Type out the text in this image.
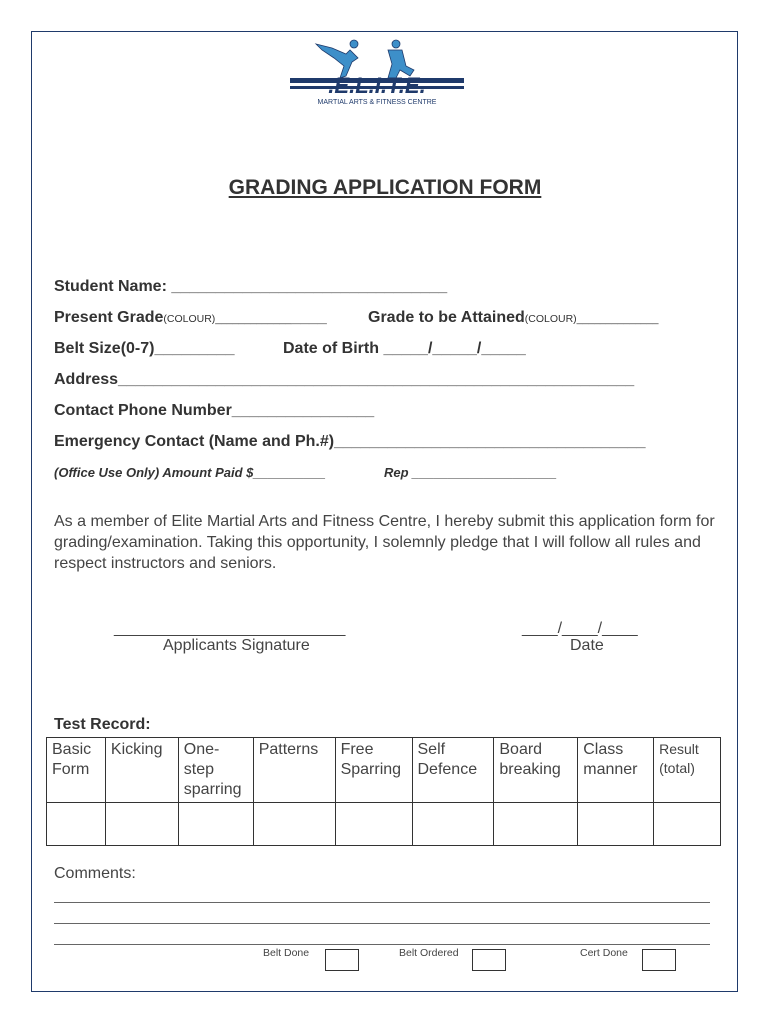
.E.L.I.T.E.
MARTIAL ARTS & FITNESS CENTRE
GRADING APPLICATION FORM
Student Name: _______________________________
Present Grade(COLOUR)_________________	Grade to be Attained(COLOUR)______________
Belt Size(0-7)_________	Date of Birth _____/_____/_____
Address__________________________________________________________
Contact Phone Number________________
Emergency Contact (Name and Ph.#)___________________________________
(Office Use Only) Amount Paid $__________	Rep ____________________
As a member of Elite Martial Arts and Fitness Centre, I hereby submit this application form for grading/examination. Taking this opportunity, I solemnly pledge that I will follow all rules and respect instructors and seniors.
__________________________
Applicants Signature
____/____/____
Date
Test Record:
Basic Form	Kicking	One-step sparring	Patterns	Free Sparring	Self Defence	Board breaking	Class manner	Result (total)

Comments:
Belt Done	Belt Ordered	Cert Done
